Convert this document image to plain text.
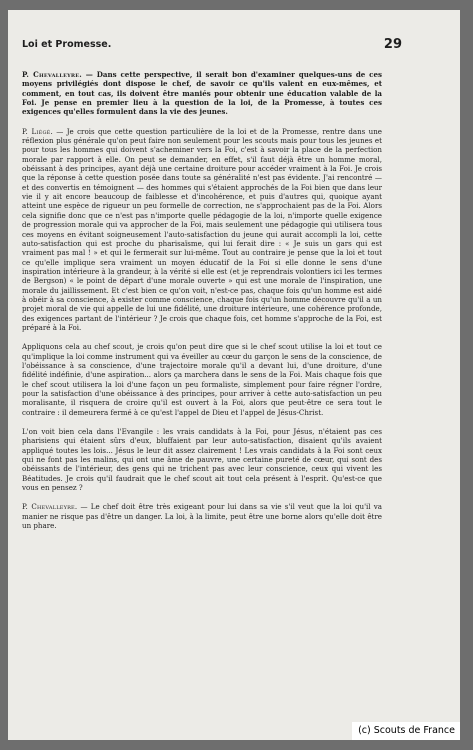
Loi et Promesse.	29

P. Chevalleyre. — Dans cette perspective, il serait bon d'examiner quelques-uns de ces moyens privilégiés dont dispose le chef, de savoir ce qu'ils valent en eux-mêmes, et comment, en tout cas, ils doivent être maniés pour obtenir une éducation valable de la Foi. Je pense en premier lieu à la question de la loi, de la Promesse, à toutes ces exigences qu'elles formulent dans la vie des jeunes.

P. Liégé. — Je crois que cette question particulière de la loi et de la Promesse, rentre dans une réflexion plus générale qu'on peut faire non seulement pour les scouts mais pour tous les jeunes et pour tous les hommes qui doivent s'acheminer vers la Foi, c'est à savoir la place de la perfection morale par rapport à elle. On peut se demander, en effet, s'il faut déjà être un homme moral, obéissant à des principes, ayant déjà une certaine droiture pour accéder vraiment à la Foi. Je crois que la réponse à cette question posée dans toute sa généralité n'est pas évidente. J'ai rencontré — et des convertis en témoignent — des hommes qui s'étaient approchés de la Foi bien que dans leur vie il y ait encore beaucoup de faiblesse et d'incohérence, et puis d'autres qui, quoique ayant atteint une espèce de rigueur un peu formelle de correction, ne s'approchaient pas de la Foi. Alors cela signifie donc que ce n'est pas n'importe quelle pédagogie de la loi, n'importe quelle exigence de progression morale qui va approcher de la Foi, mais seulement une pédagogie qui utilisera tous ces moyens en évitant soigneusement l'auto-satisfaction du jeune qui aurait accompli la loi, cette auto-satisfaction qui est proche du pharisaïsme, qui lui ferait dire : « Je suis un gars qui est vraiment pas mal ! » et qui le fermerait sur lui-même. Tout au contraire je pense que la loi et tout ce qu'elle implique sera vraiment un moyen éducatif de la Foi si elle donne le sens d'une inspiration intérieure à la grandeur, à la vérité si elle est (et je reprendrais volontiers ici les termes de Bergson) « le point de départ d'une morale ouverte » qui est une morale de l'inspiration, une morale du jaillissement. Et c'est bien ce qu'on voit, n'est-ce pas, chaque fois qu'un homme est aidé à obéir à sa conscience, à exister comme conscience, chaque fois qu'un homme découvre qu'il a un projet moral de vie qui appelle de lui une fidélité, une droiture intérieure, une cohérence profonde, des exigences partant de l'intérieur ? Je crois que chaque fois, cet homme s'approche de la Foi, est préparé à la Foi.

Appliquons cela au chef scout, je crois qu'on peut dire que si le chef scout utilise la loi et tout ce qu'implique la loi comme instrument qui va éveiller au cœur du garçon le sens de la conscience, de l'obéissance à sa conscience, d'une trajectoire morale qu'il a devant lui, d'une droiture, d'une fidélité indéfinie, d'une aspiration... alors ça marchera dans le sens de la Foi. Mais chaque fois que le chef scout utilisera la loi d'une façon un peu formaliste, simplement pour faire régner l'ordre, pour la satisfaction d'une obéissance à des principes, pour arriver à cette auto-satisfaction un peu moralisante, il risquera de croire qu'il est ouvert à la Foi, alors que peut-être ce sera tout le contraire : il demeurera fermé à ce qu'est l'appel de Dieu et l'appel de Jésus-Christ.

L'on voit bien cela dans l'Evangile : les vrais candidats à la Foi, pour Jésus, n'étaient pas ces pharisiens qui étaient sûrs d'eux, bluffaient par leur auto-satisfaction, disaient qu'ils avaient appliqué toutes les lois... Jésus le leur dit assez clairement ! Les vrais candidats à la Foi sont ceux qui ne font pas les malins, qui ont une âme de pauvre, une certaine pureté de cœur, qui sont des obéissants de l'intérieur, des gens qui ne trichent pas avec leur conscience, ceux qui vivent les Béatitudes. Je crois qu'il faudrait que le chef scout ait tout cela présent à l'esprit. Qu'est-ce que vous en pensez ?

P. Chevalleyre. — Le chef doit être très exigeant pour lui dans sa vie s'il veut que la loi qu'il va manier ne risque pas d'être un danger. La loi, à la limite, peut être une borne alors qu'elle doit être un phare.

(c) Scouts de France
